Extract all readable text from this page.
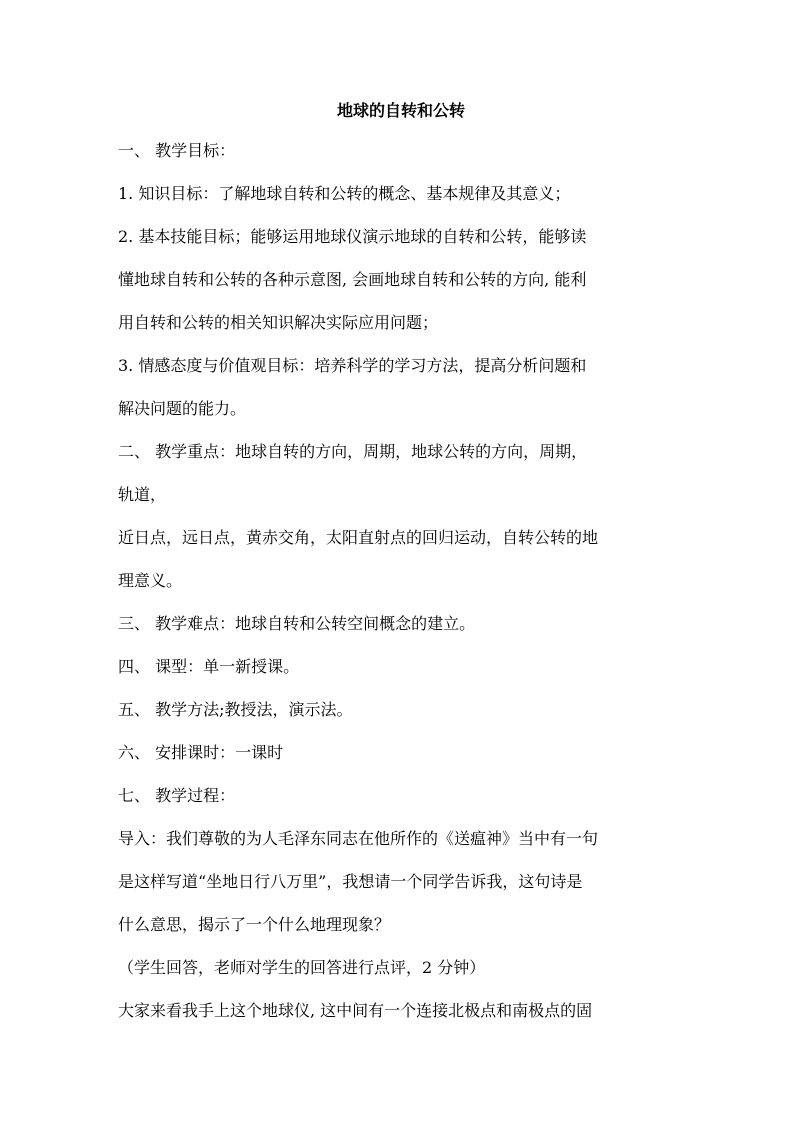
地球的自转和公转
一、 教学目标：
1. 知识目标：了解地球自转和公转的概念、基本规律及其意义；
2. 基本技能目标；能够运用地球仪演示地球的自转和公转，能够读
懂地球自转和公转的各种示意图, 会画地球自转和公转的方向, 能利
用自转和公转的相关知识解决实际应用问题；
3. 情感态度与价值观目标：培养科学的学习方法，提高分析问题和
解决问题的能力。
二、 教学重点：地球自转的方向，周期，地球公转的方向，周期，
轨道，
近日点，远日点，黄赤交角，太阳直射点的回归运动，自转公转的地
理意义。
三、 教学难点：地球自转和公转空间概念的建立。
四、 课型：单一新授课。
五、 教学方法;教授法，演示法。
六、 安排课时：一课时
七、 教学过程：
导入：我们尊敬的为人毛泽东同志在他所作的《送瘟神》当中有一句
是这样写道“坐地日行八万里”，我想请一个同学告诉我，这句诗是
什么意思，揭示了一个什么地理现象？
（学生回答，老师对学生的回答进行点评，2 分钟）
大家来看我手上这个地球仪, 这中间有一个连接北极点和南极点的固
